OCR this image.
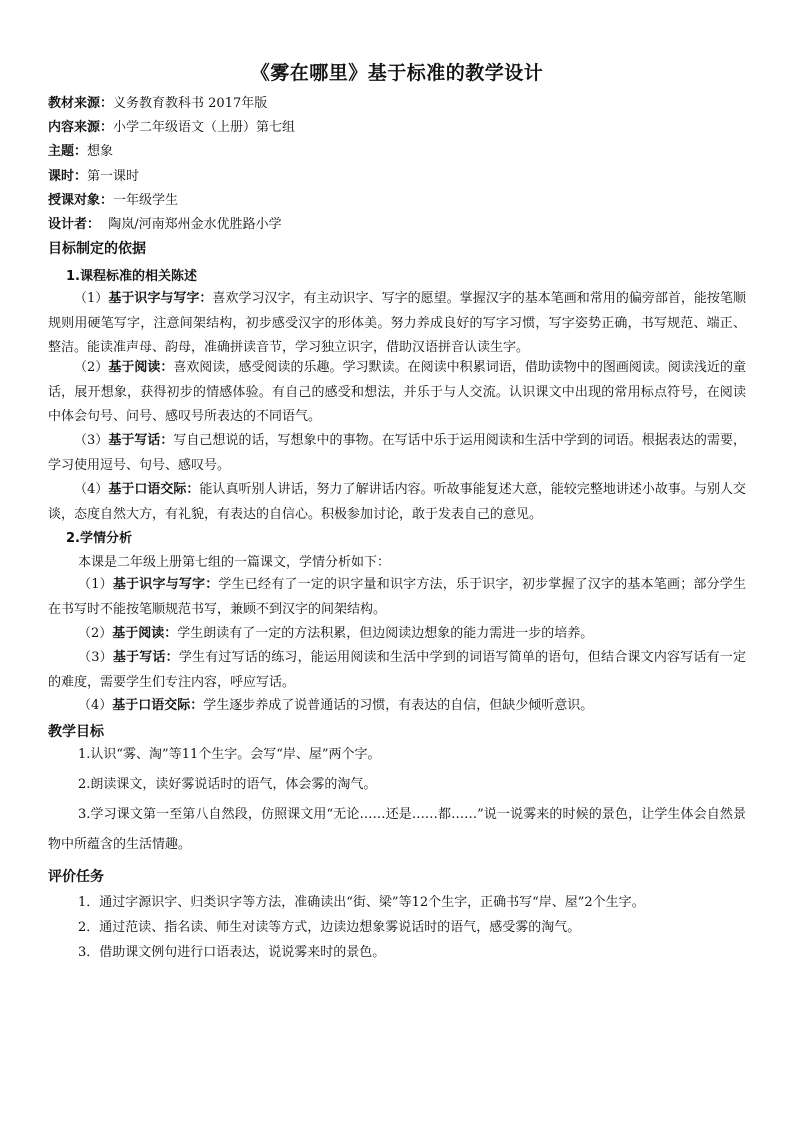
《雾在哪里》基于标准的教学设计
教材来源：义务教育教科书 2017年版
内容来源：小学二年级语文（上册）第七组
主题：想象
课时：第一课时
授课对象：一年级学生
设计者：  陶岚/河南郑州金水优胜路小学
目标制定的依据
1.课程标准的相关陈述
（1）基于识字与写字：喜欢学习汉字，有主动识字、写字的愿望。掌握汉字的基本笔画和常用的偏旁部首，能按笔顺规则用硬笔写字，注意间架结构，初步感受汉字的形体美。努力养成良好的写字习惯，写字姿势正确，书写规范、端正、整洁。能读准声母、韵母，准确拼读音节，学习独立识字，借助汉语拼音认读生字。
（2）基于阅读：喜欢阅读，感受阅读的乐趣。学习默读。在阅读中积累词语，借助读物中的图画阅读。阅读浅近的童话，展开想象，获得初步的情感体验。有自己的感受和想法，并乐于与人交流。认识课文中出现的常用标点符号，在阅读中体会句号、问号、感叹号所表达的不同语气。
（3）基于写话：写自己想说的话，写想象中的事物。在写话中乐于运用阅读和生活中学到的词语。根据表达的需要，学习使用逗号、句号、感叹号。
（4）基于口语交际：能认真听别人讲话，努力了解讲话内容。听故事能复述大意，能较完整地讲述小故事。与别人交谈，态度自然大方，有礼貌，有表达的自信心。积极参加讨论，敢于发表自己的意见。
2.学情分析
本课是二年级上册第七组的一篇课文，学情分析如下：
（1）基于识字与写字：学生已经有了一定的识字量和识字方法，乐于识字，初步掌握了汉字的基本笔画；部分学生在书写时不能按笔顺规范书写，兼顾不到汉字的间架结构。
（2）基于阅读：学生朗读有了一定的方法积累，但边阅读边想象的能力需进一步的培养。
（3）基于写话：学生有过写话的练习，能运用阅读和生活中学到的词语写简单的语句，但结合课文内容写话有一定的难度，需要学生们专注内容，呼应写话。
（4）基于口语交际：学生逐步养成了说普通话的习惯，有表达的自信，但缺少倾听意识。
教学目标
1.认识“雾、淘”等11个生字。会写“岸、屋”两个字。
2.朗读课文，读好雾说话时的语气，体会雾的淘气。
3.学习课文第一至第八自然段，仿照课文用“无论……还是……都……”说一说雾来的时候的景色，让学生体会自然景物中所蕴含的生活情趣。
评价任务
1．通过字源识字、归类识字等方法，准确读出“街、梁”等12个生字，正确书写“岸、屋”2个生字。
2．通过范读、指名读、师生对读等方式，边读边想象雾说话时的语气，感受雾的淘气。
3．借助课文例句进行口语表达，说说雾来时的景色。
